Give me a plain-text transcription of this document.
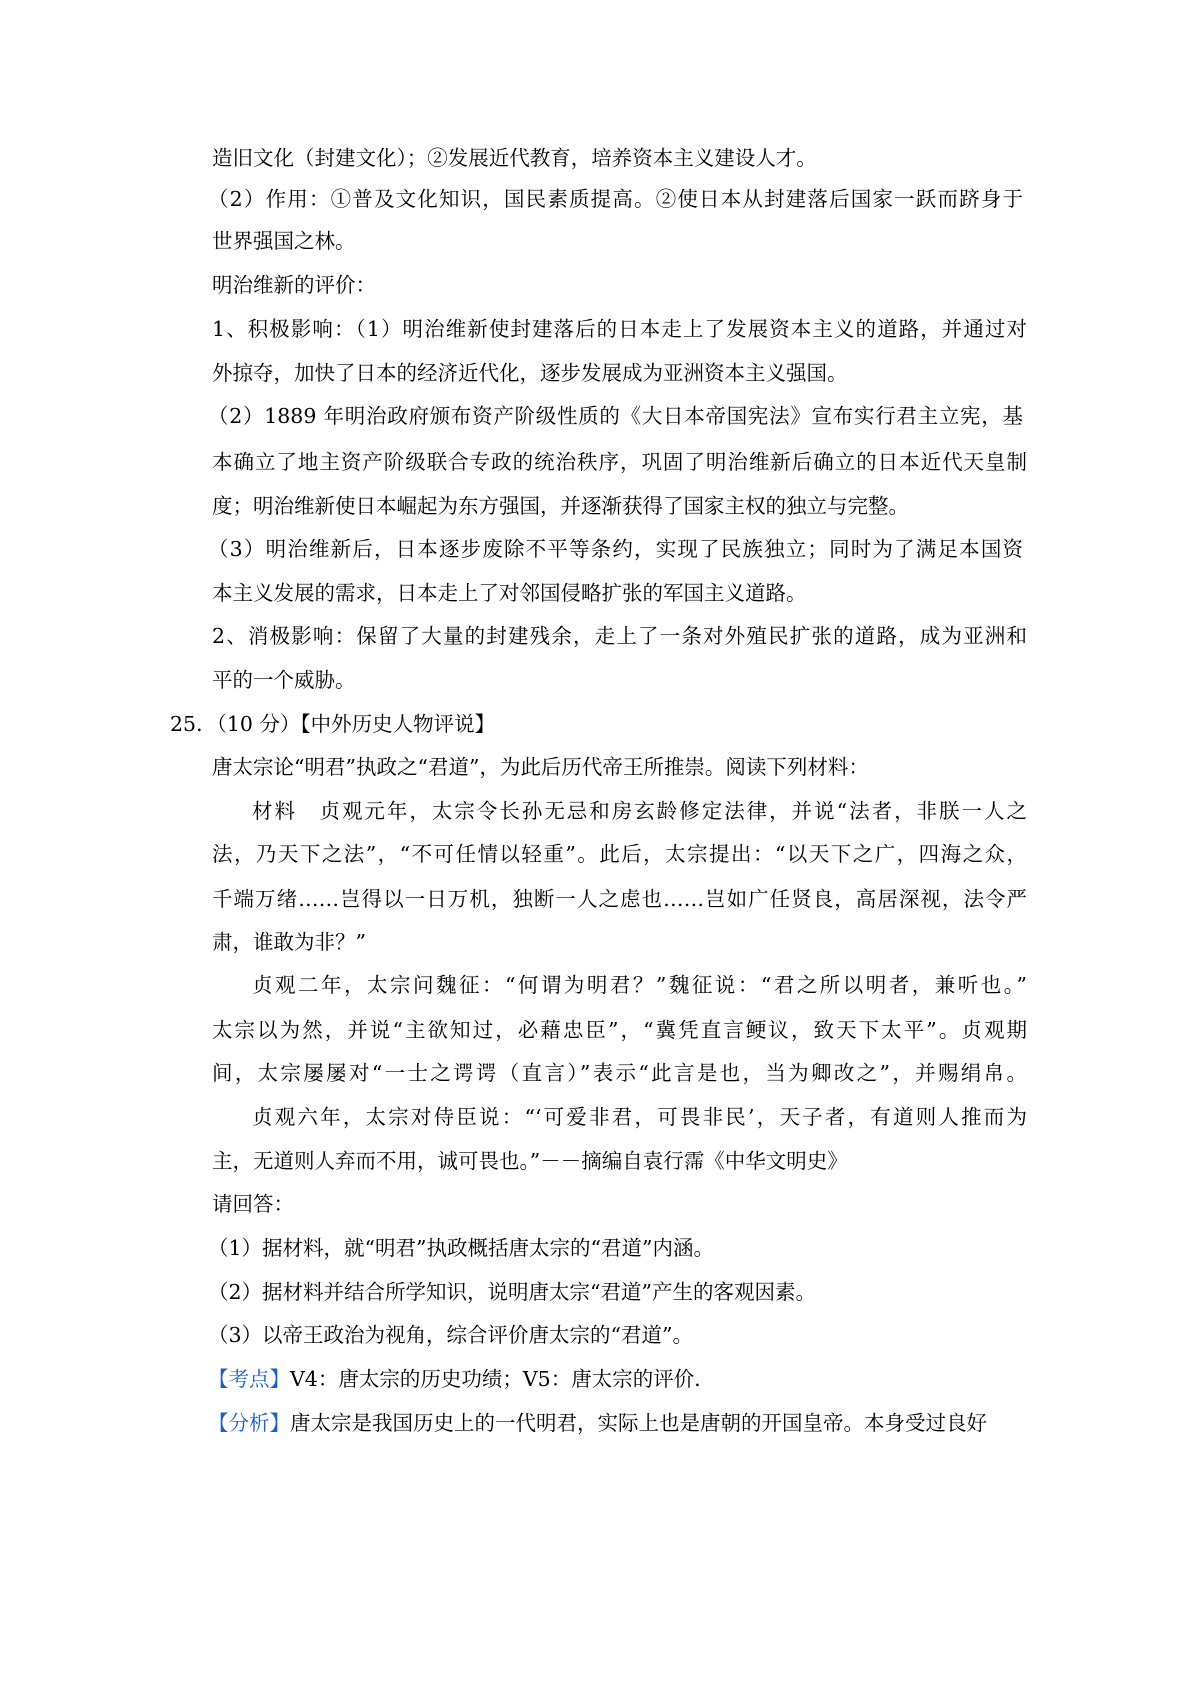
造旧文化（封建文化）；②发展近代教育，培养资本主义建设人才。
（2）作用：①普及文化知识，国民素质提高。②使日本从封建落后国家一跃而跻身于
世界强国之林。
明治维新的评价：
1、积极影响：（1）明治维新使封建落后的日本走上了发展资本主义的道路，并通过对
外掠夺，加快了日本的经济近代化，逐步发展成为亚洲资本主义强国。
（2）1889 年明治政府颁布资产阶级性质的《大日本帝国宪法》宣布实行君主立宪，基
本确立了地主资产阶级联合专政的统治秩序，巩固了明治维新后确立的日本近代天皇制
度；明治维新使日本崛起为东方强国，并逐渐获得了国家主权的独立与完整。
（3）明治维新后，日本逐步废除不平等条约，实现了民族独立；同时为了满足本国资
本主义发展的需求，日本走上了对邻国侵略扩张的军国主义道路。
2、消极影响：保留了大量的封建残余，走上了一条对外殖民扩张的道路，成为亚洲和
平的一个威胁。
25．（10 分）【中外历史人物评说】
唐太宗论“明君”执政之“君道”，为此后历代帝王所推崇。阅读下列材料：
材料　贞观元年，太宗令长孙无忌和房玄龄修定法律，并说“法者，非朕一人之
法，乃天下之法”，“不可任情以轻重”。此后，太宗提出：“以天下之广，四海之众，
千端万绪……岂得以一日万机，独断一人之虑也……岂如广任贤良，高居深视，法令严
肃，谁敢为非？”
贞观二年，太宗问魏征：“何谓为明君？”魏征说：“君之所以明者，兼听也。”
太宗以为然，并说“主欲知过，必藉忠臣”，“冀凭直言鲠议，致天下太平”。贞观期
间，太宗屡屡对“一士之谔谔（直言）”表示“此言是也，当为卿改之”，并赐绢帛。
贞观六年，太宗对侍臣说：“‘可爱非君，可畏非民’，天子者，有道则人推而为
主，无道则人弃而不用，诚可畏也。”－－摘编自袁行霈《中华文明史》
请回答：
（1）据材料，就“明君”执政概括唐太宗的“君道”内涵。
（2）据材料并结合所学知识，说明唐太宗“君道”产生的客观因素。
（3）以帝王政治为视角，综合评价唐太宗的“君道”。
【考点】V4：唐太宗的历史功绩；V5：唐太宗的评价．
【分析】唐太宗是我国历史上的一代明君，实际上也是唐朝的开国皇帝。本身受过良好
